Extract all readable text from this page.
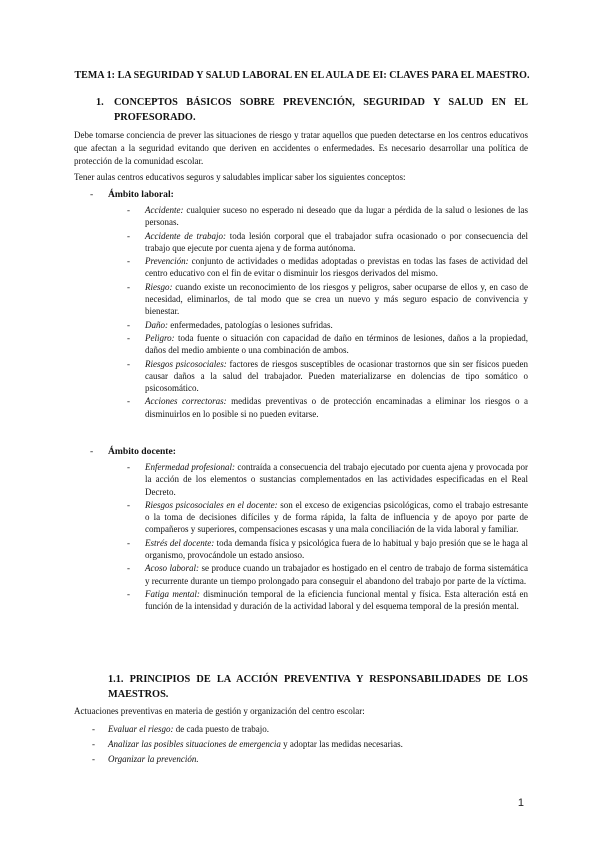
TEMA 1: LA SEGURIDAD Y SALUD LABORAL EN EL AULA DE EI: CLAVES PARA EL MAESTRO.
1. CONCEPTOS BÁSICOS SOBRE PREVENCIÓN, SEGURIDAD Y SALUD EN EL PROFESORADO.

Debe tomarse conciencia de prever las situaciones de riesgo y tratar aquellos que pueden detectarse en los centros educativos que afectan a la seguridad evitando que deriven en accidentes o enfermedades. Es necesario desarrollar una política de protección de la comunidad escolar.

Tener aulas centros educativos seguros y saludables implicar saber los siguientes conceptos:

- Ámbito laboral:
- Accidente: cualquier suceso no esperado ni deseado que da lugar a pérdida de la salud o lesiones de las personas.
- Accidente de trabajo: toda lesión corporal que el trabajador sufra ocasionado o por consecuencia del trabajo que ejecute por cuenta ajena y de forma autónoma.
- Prevención: conjunto de actividades o medidas adoptadas o previstas en todas las fases de actividad del centro educativo con el fin de evitar o disminuir los riesgos derivados del mismo.
- Riesgo: cuando existe un reconocimiento de los riesgos y peligros, saber ocuparse de ellos y, en caso de necesidad, eliminarlos, de tal modo que se crea un nuevo y más seguro espacio de convivencia y bienestar.
- Daño: enfermedades, patologías o lesiones sufridas.
- Peligro: toda fuente o situación con capacidad de daño en términos de lesiones, daños a la propiedad, daños del medio ambiente o una combinación de ambos.
- Riesgos psicosociales: factores de riesgos susceptibles de ocasionar trastornos que sin ser físicos pueden causar daños a la salud del trabajador. Pueden materializarse en dolencias de tipo somático o psicosomático.
- Acciones correctoras: medidas preventivas o de protección encaminadas a eliminar los riesgos o a disminuirlos en lo posible si no pueden evitarse.
- Ámbito docente:
- Enfermedad profesional: contraída a consecuencia del trabajo ejecutado por cuenta ajena y provocada por la acción de los elementos o sustancias complementados en las actividades especificadas en el Real Decreto.
- Riesgos psicosociales en el docente: son el exceso de exigencias psicológicas, como el trabajo estresante o la toma de decisiones difíciles y de forma rápida, la falta de influencia y de apoyo por parte de compañeros y superiores, compensaciones escasas y una mala conciliación de la vida laboral y familiar.
- Estrés del docente: toda demanda física y psicológica fuera de lo habitual y bajo presión que se le haga al organismo, provocándole un estado ansioso.
- Acoso laboral: se produce cuando un trabajador es hostigado en el centro de trabajo de forma sistemática y recurrente durante un tiempo prolongado para conseguir el abandono del trabajo por parte de la víctima.
- Fatiga mental: disminución temporal de la eficiencia funcional mental y física. Esta alteración está en función de la intensidad y duración de la actividad laboral y del esquema temporal de la presión mental.
1.1. PRINCIPIOS DE LA ACCIÓN PREVENTIVA Y RESPONSABILIDADES DE LOS MAESTROS.

Actuaciones preventivas en materia de gestión y organización del centro escolar:

- Evaluar el riesgo: de cada puesto de trabajo.
- Analizar las posibles situaciones de emergencia y adoptar las medidas necesarias.
- Organizar la prevención.
1
